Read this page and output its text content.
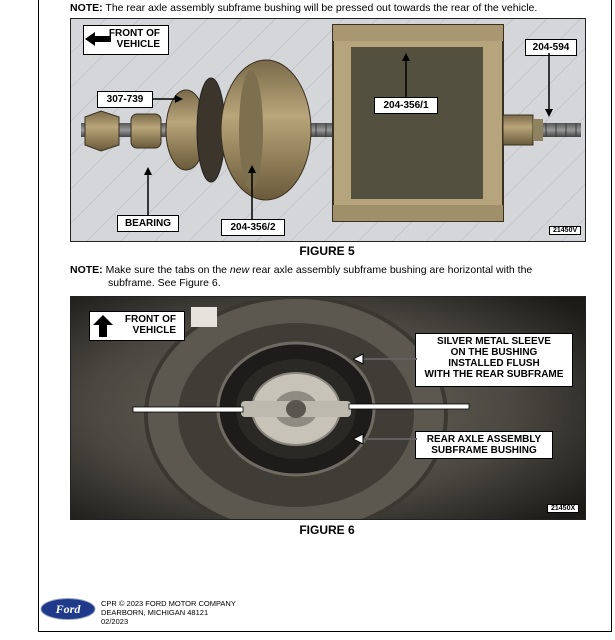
NOTE: The rear axle assembly subframe bushing will be pressed out towards the rear of the vehicle.
FRONT OF
VEHICLE
307-739
204-356/1
204-594
BEARING	204-356/2	21450V
FIGURE 5
NOTE: Make sure the tabs on the new rear axle assembly subframe bushing are horizontal with the
subframe. See Figure 6.
FRONT OF
VEHICLE
SILVER METAL SLEEVE
ON THE BUSHING
INSTALLED FLUSH
WITH THE REAR SUBFRAME
REAR AXLE ASSEMBLY
SUBFRAME BUSHING
21450X
FIGURE 6
Ford	CPR © 2023 FORD MOTOR COMPANY
DEARBORN, MICHIGAN 48121
02/2023
